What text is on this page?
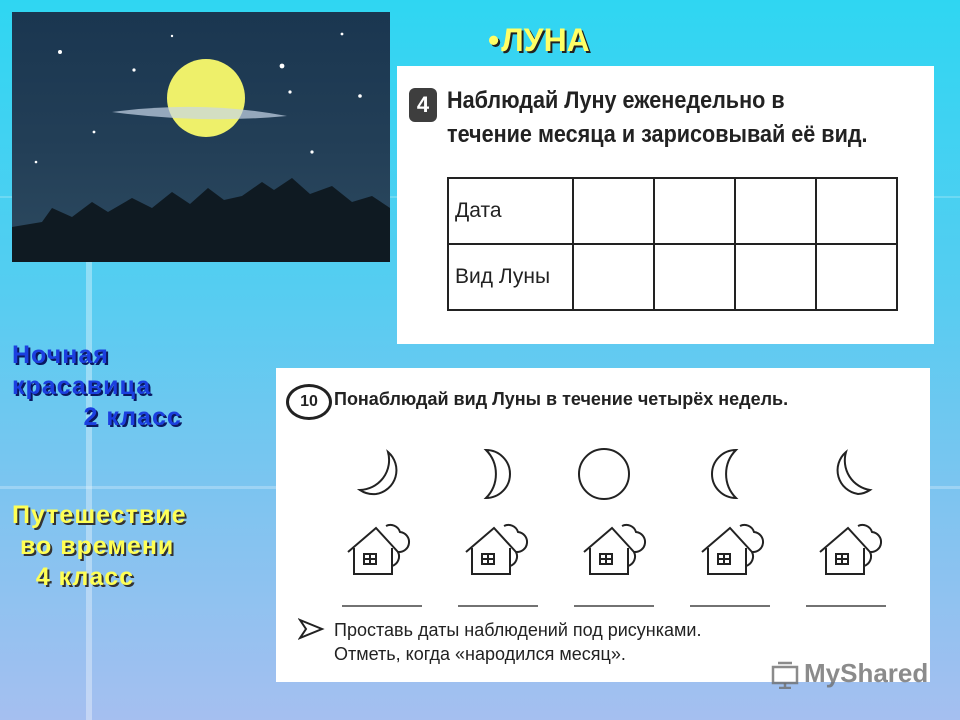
•ЛУНА
4 Наблюдай Луну еженедельно в течение месяца и зарисовывай её вид.
Дата				
Вид Луны				
10 Понаблюдай вид Луны в течение четырёх недель.
Проставь даты наблюдений под рисунками.
Отметь, когда «народился месяц».
Ночная
красавица
2 класс
Путешествие
во времени
4 класс
MyShared
